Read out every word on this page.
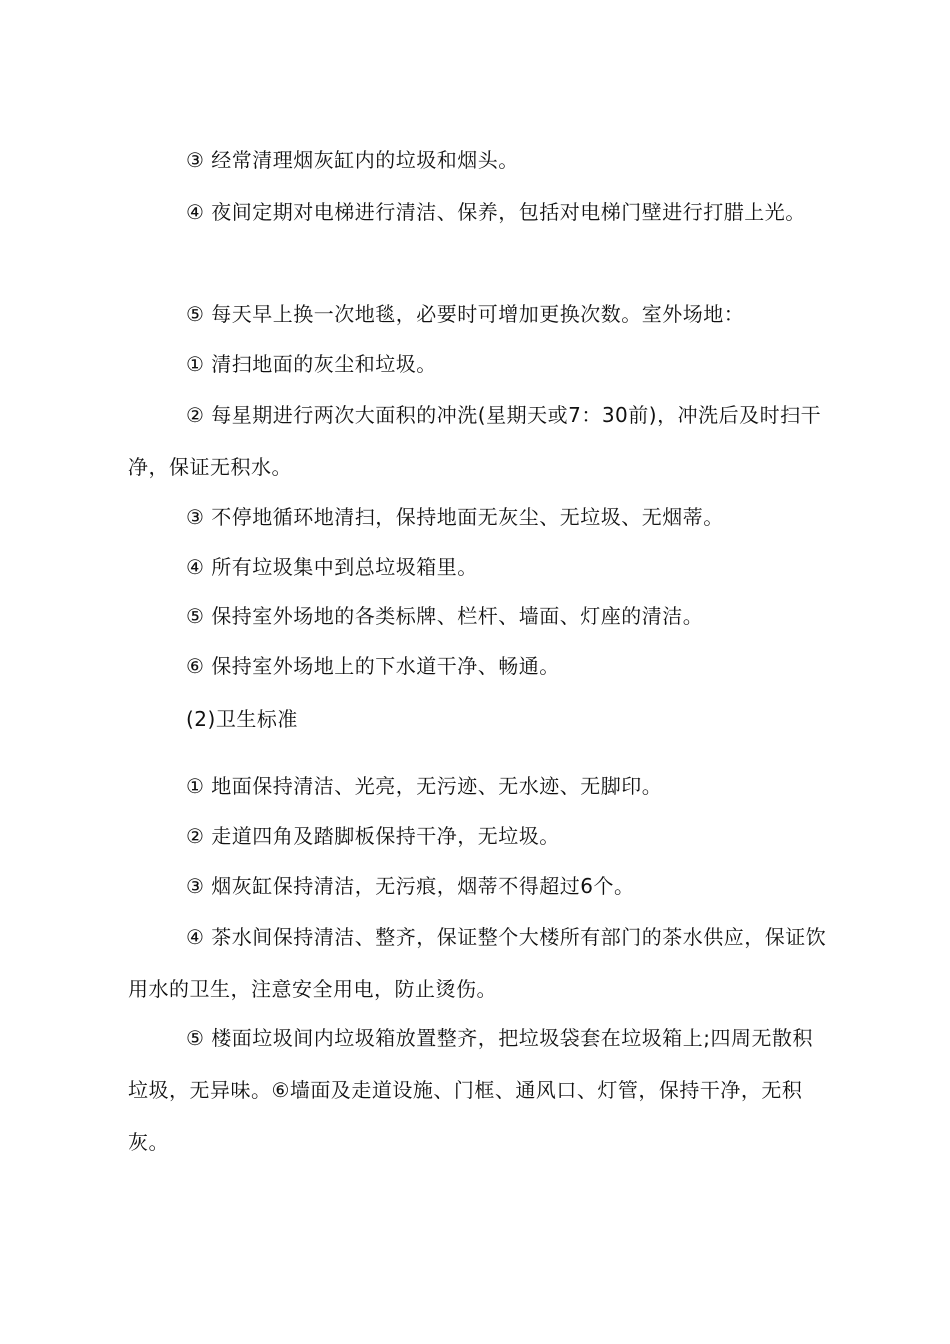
③ 经常清理烟灰缸内的垃圾和烟头。

④ 夜间定期对电梯进行清洁、保养，包括对电梯门壁进行打腊上光。

⑤ 每天早上换一次地毯，必要时可增加更换次数。室外场地：

① 清扫地面的灰尘和垃圾。

② 每星期进行两次大面积的冲洗(星期天或7：30前)，冲洗后及时扫干净，保证无积水。

③ 不停地循环地清扫，保持地面无灰尘、无垃圾、无烟蒂。

④ 所有垃圾集中到总垃圾箱里。

⑤ 保持室外场地的各类标牌、栏杆、墙面、灯座的清洁。

⑥ 保持室外场地上的下水道干净、畅通。

(2)卫生标准

① 地面保持清洁、光亮，无污迹、无水迹、无脚印。

② 走道四角及踏脚板保持干净，无垃圾。

③ 烟灰缸保持清洁，无污痕，烟蒂不得超过6个。

④ 茶水间保持清洁、整齐，保证整个大楼所有部门的茶水供应，保证饮用水的卫生，注意安全用电，防止烫伤。

⑤ 楼面垃圾间内垃圾箱放置整齐，把垃圾袋套在垃圾箱上;四周无散积垃圾，无异味。⑥墙面及走道设施、门框、通风口、灯管，保持干净，无积灰。
